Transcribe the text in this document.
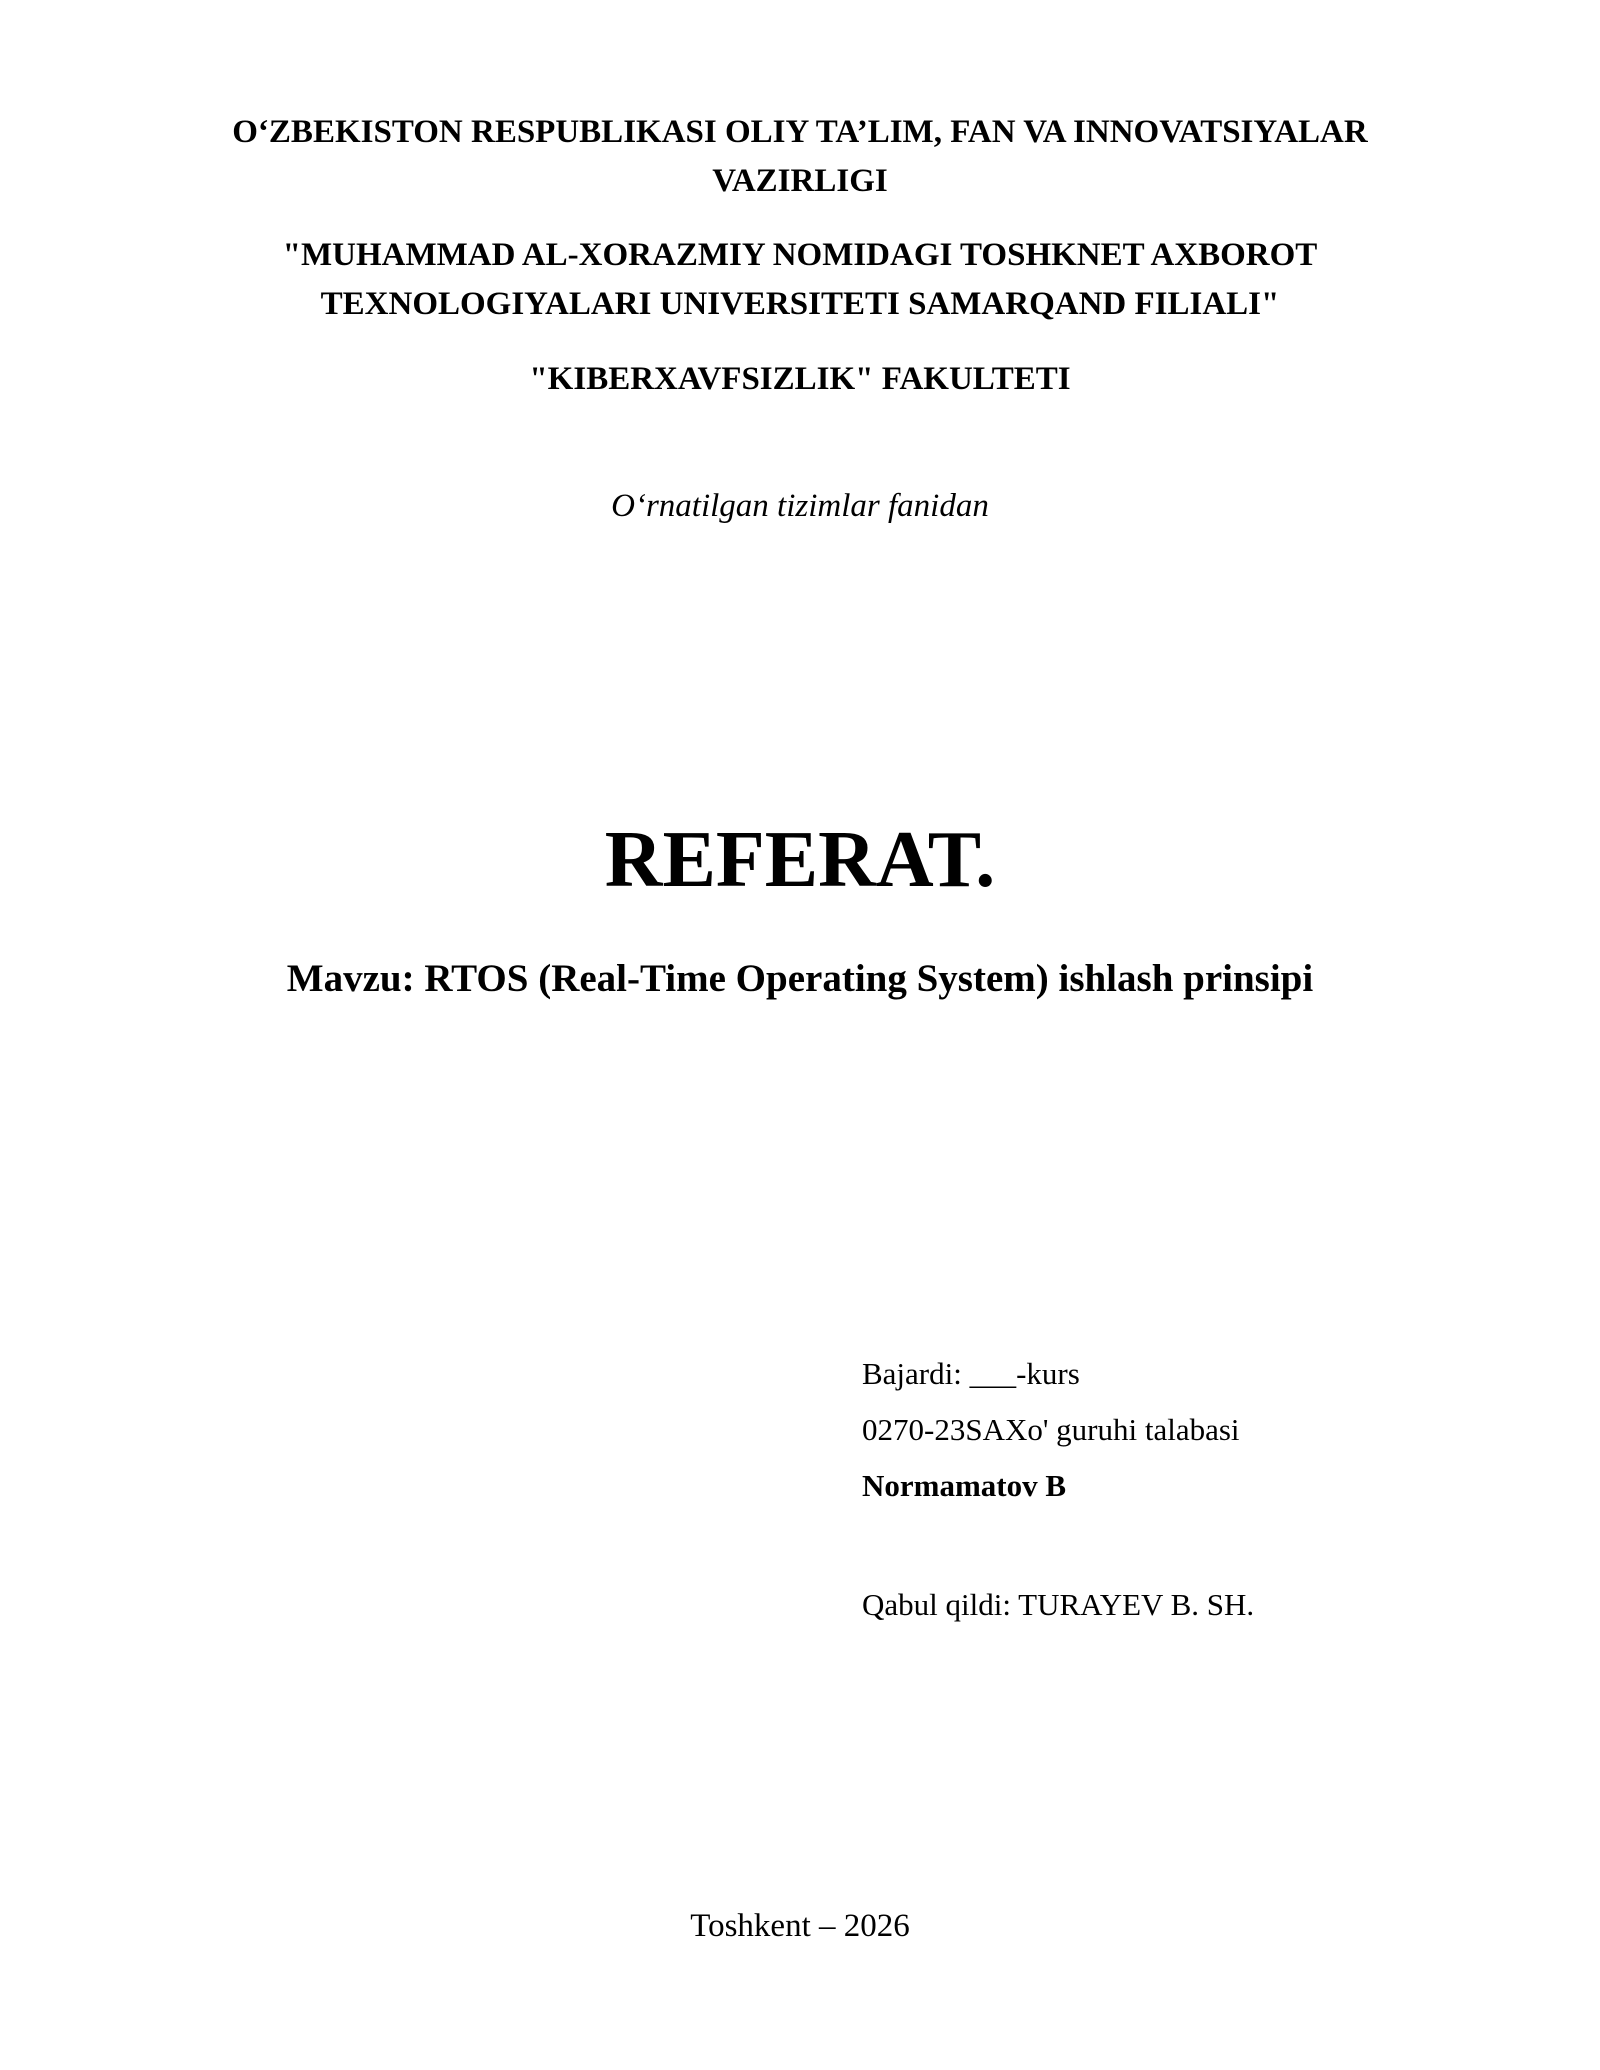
O‘ZBEKISTON RESPUBLIKASI OLIY TA’LIM, FAN VA INNOVATSIYALAR

VAZIRLIGI

"MUHAMMAD AL-XORAZMIY NOMIDAGI TOSHKNET AXBOROT

TEXNOLOGIYALARI UNIVERSITETI SAMARQAND FILIALI"

"KIBERXAVFSIZLIK" FAKULTETI

O‘rnatilgan tizimlar fanidan
REFERAT.
Mavzu: RTOS (Real-Time Operating System) ishlash prinsipi

Bajardi: ___-kurs

0270-23SAXo' guruhi talabasi

Normamatov B

Qabul qildi: TURAYEV B. SH.

Toshkent – 2026
